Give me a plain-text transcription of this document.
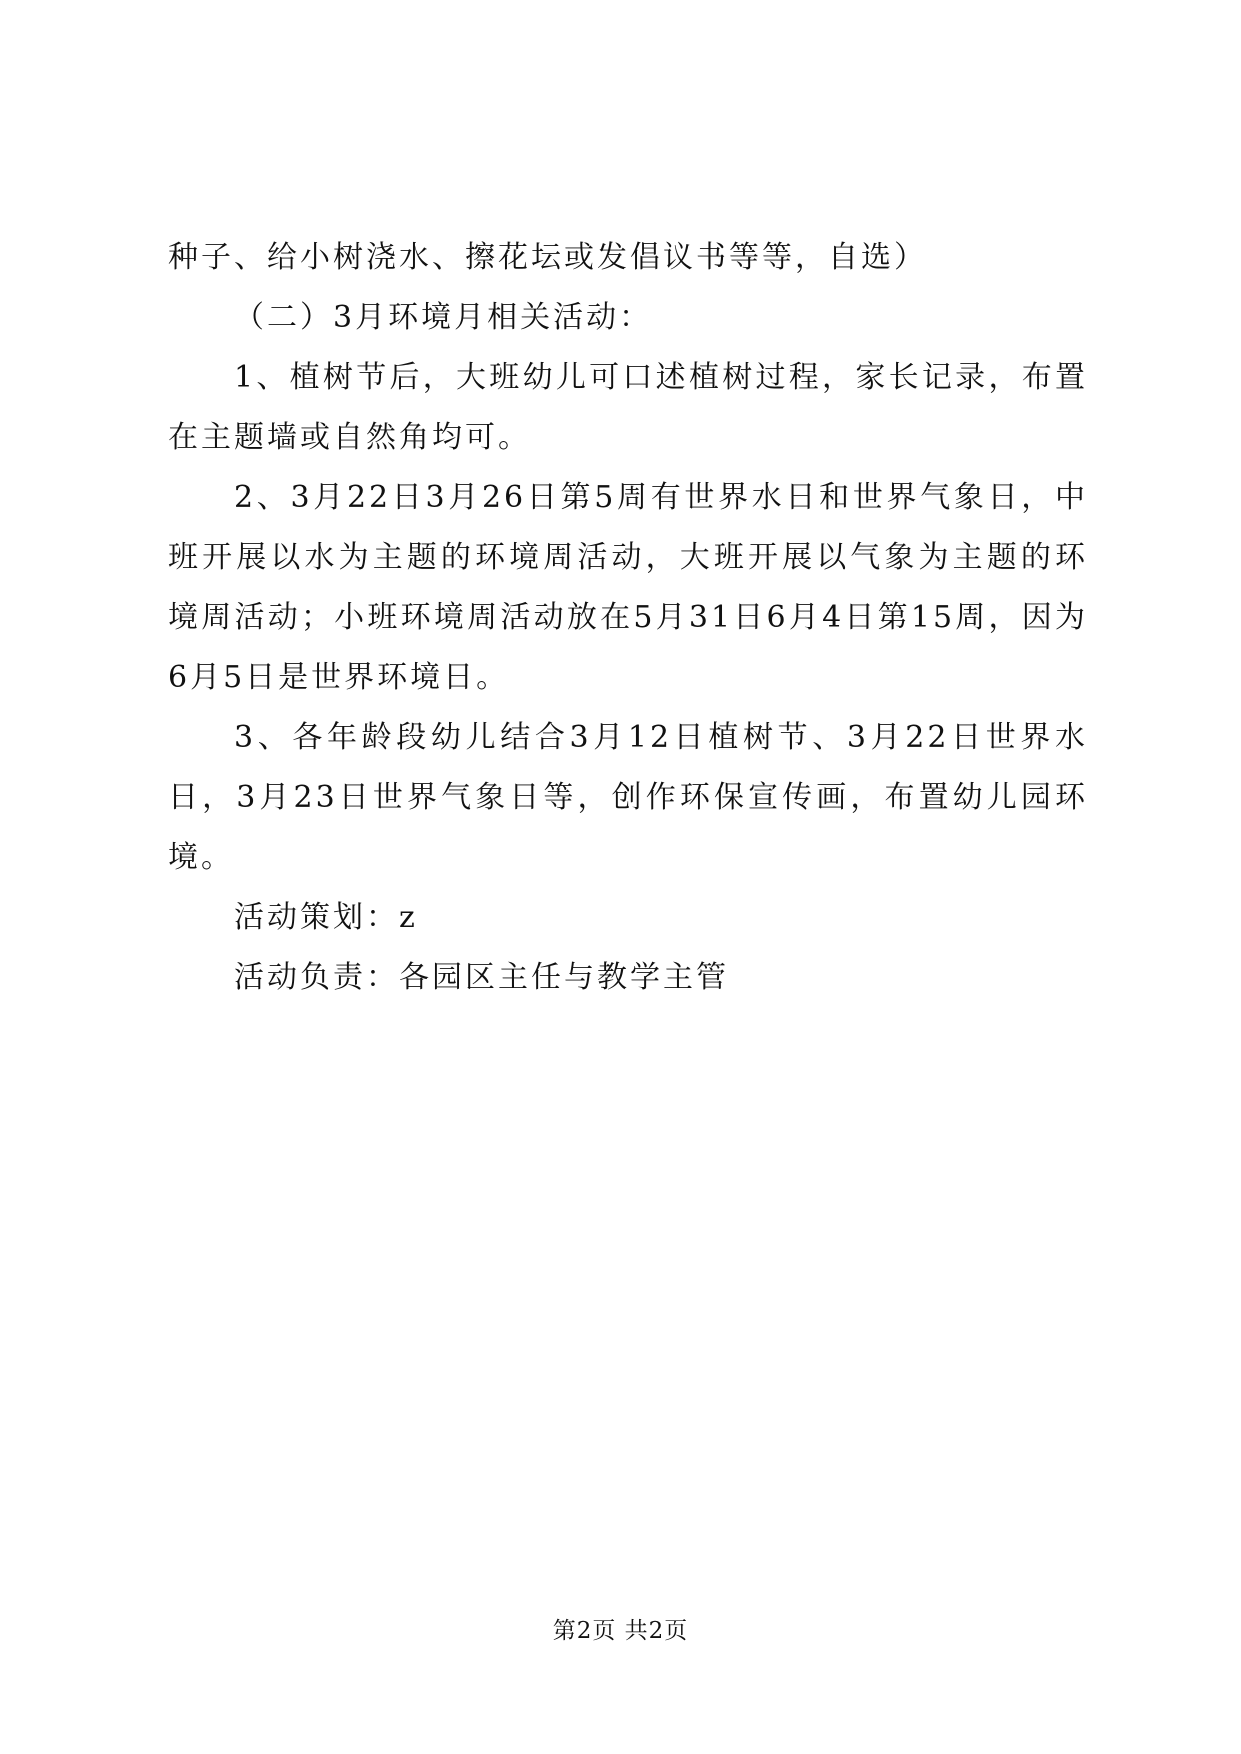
种子、给小树浇水、擦花坛或发倡议书等等，自选）

（二）3月环境月相关活动：

1、植树节后，大班幼儿可口述植树过程，家长记录，布置在主题墙或自然角均可。

2、3月22日3月26日第5周有世界水日和世界气象日，中班开展以水为主题的环境周活动，大班开展以气象为主题的环境周活动；小班环境周活动放在5月31日6月4日第15周，因为6月5日是世界环境日。

3、各年龄段幼儿结合3月12日植树节、3月22日世界水日，3月23日世界气象日等，创作环保宣传画，布置幼儿园环境。

活动策划：z

活动负责：各园区主任与教学主管

第2页 共2页
